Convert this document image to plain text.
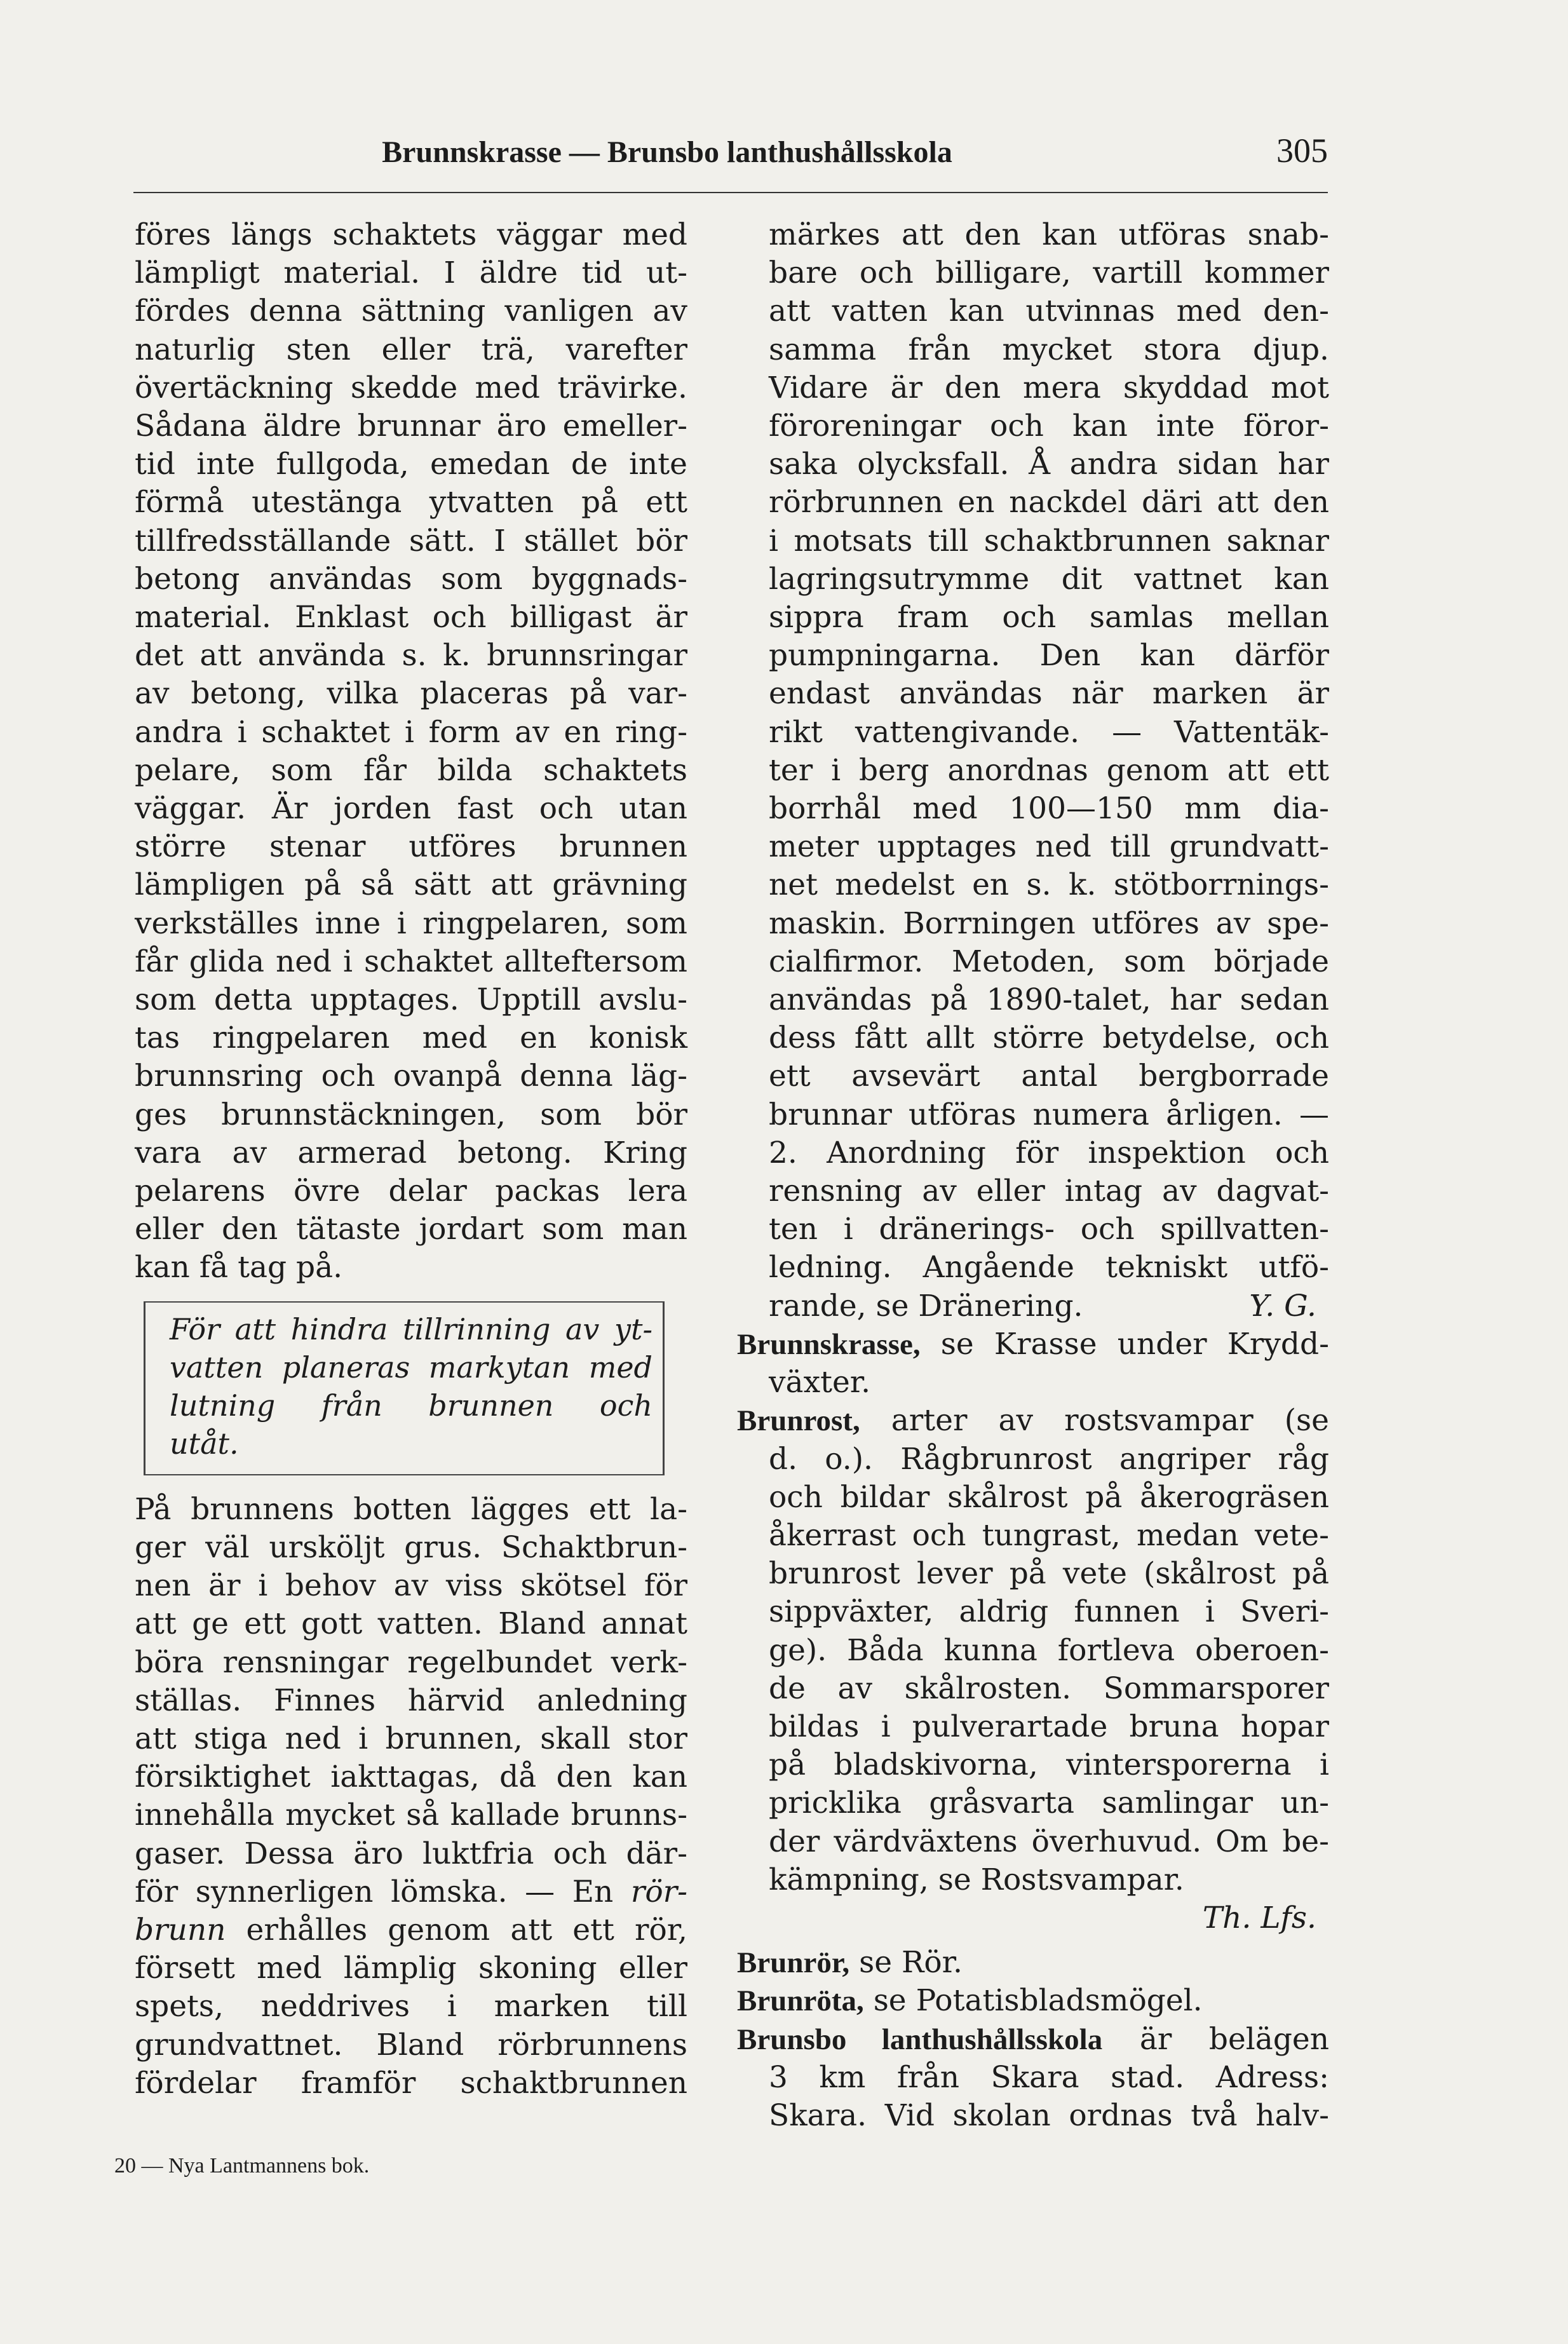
Brunnskrasse — Brunsbo lanthushållsskola	305
föres längs schaktets väggar med
lämpligt material. I äldre tid ut-
fördes denna sättning vanligen av
naturlig sten eller trä, varefter
övertäckning skedde med trävirke.
Sådana äldre brunnar äro emeller-
tid inte fullgoda, emedan de inte
förmå utestänga ytvatten på ett
tillfredsställande sätt. I stället bör
betong användas som byggnads-
material. Enklast och billigast är
det att använda s. k. brunnsringar
av betong, vilka placeras på var-
andra i schaktet i form av en ring-
pelare, som får bilda schaktets
väggar. Är jorden fast och utan
större stenar utföres brunnen
lämpligen på så sätt att grävning
verkställes inne i ringpelaren, som
får glida ned i schaktet allteftersom
som detta upptages. Upptill avslu-
tas ringpelaren med en konisk
brunnsring och ovanpå denna läg-
ges brunnstäckningen, som bör
vara av armerad betong. Kring
pelarens övre delar packas lera
eller den tätaste jordart som man
kan få tag på.
För att hindra tillrinning av yt-
vatten planeras markytan med
lutning från brunnen och
utåt.
På brunnens botten lägges ett la-
ger väl ursköljt grus. Schaktbrun-
nen är i behov av viss skötsel för
att ge ett gott vatten. Bland annat
böra rensningar regelbundet verk-
ställas. Finnes härvid anledning
att stiga ned i brunnen, skall stor
försiktighet iakttagas, då den kan
innehålla mycket så kallade brunns-
gaser. Dessa äro luktfria och där-
för synnerligen lömska. — En rör-
brunn erhålles genom att ett rör,
försett med lämplig skoning eller
spets, neddrives i marken till
grundvattnet. Bland rörbrunnens
fördelar framför schaktbrunnen
märkes att den kan utföras snab-
bare och billigare, vartill kommer
att vatten kan utvinnas med den-
samma från mycket stora djup.
Vidare är den mera skyddad mot
föroreningar och kan inte föror-
saka olycksfall. Å andra sidan har
rörbrunnen en nackdel däri att den
i motsats till schaktbrunnen saknar
lagringsutrymme dit vattnet kan
sippra fram och samlas mellan
pumpningarna. Den kan därför
endast användas när marken är
rikt vattengivande. — Vattentäk-
ter i berg anordnas genom att ett
borrhål med 100—150 mm dia-
meter upptages ned till grundvatt-
net medelst en s. k. stötborrnings-
maskin. Borrningen utföres av spe-
cialfirmor. Metoden, som började
användas på 1890-talet, har sedan
dess fått allt större betydelse, och
ett avsevärt antal bergborrade
brunnar utföras numera årligen. —
2. Anordning för inspektion och
rensning av eller intag av dagvat-
ten i dränerings- och spillvatten-
ledning. Angående tekniskt utfö-
rande, se Dränering.	Y. G.
Brunnskrasse, se Krasse under Krydd-
växter.
Brunrost, arter av rostsvampar (se
d. o.). Rågbrunrost angriper råg
och bildar skålrost på åkerogräsen
åkerrast och tungrast, medan vete-
brunrost lever på vete (skålrost på
sippväxter, aldrig funnen i Sveri-
ge). Båda kunna fortleva oberoen-
de av skålrosten. Sommarsporer
bildas i pulverartade bruna hopar
på bladskivorna, vintersporerna i
pricklika gråsvarta samlingar un-
der värdväxtens överhuvud. Om be-
kämpning, se Rostsvampar.
Th. Lfs.
Brunrör, se Rör.
Brunröta, se Potatisbladsmögel.
Brunsbo lanthushållsskola är belägen
3 km från Skara stad. Adress:
Skara. Vid skolan ordnas två halv-
20 — Nya Lantmannens bok.
